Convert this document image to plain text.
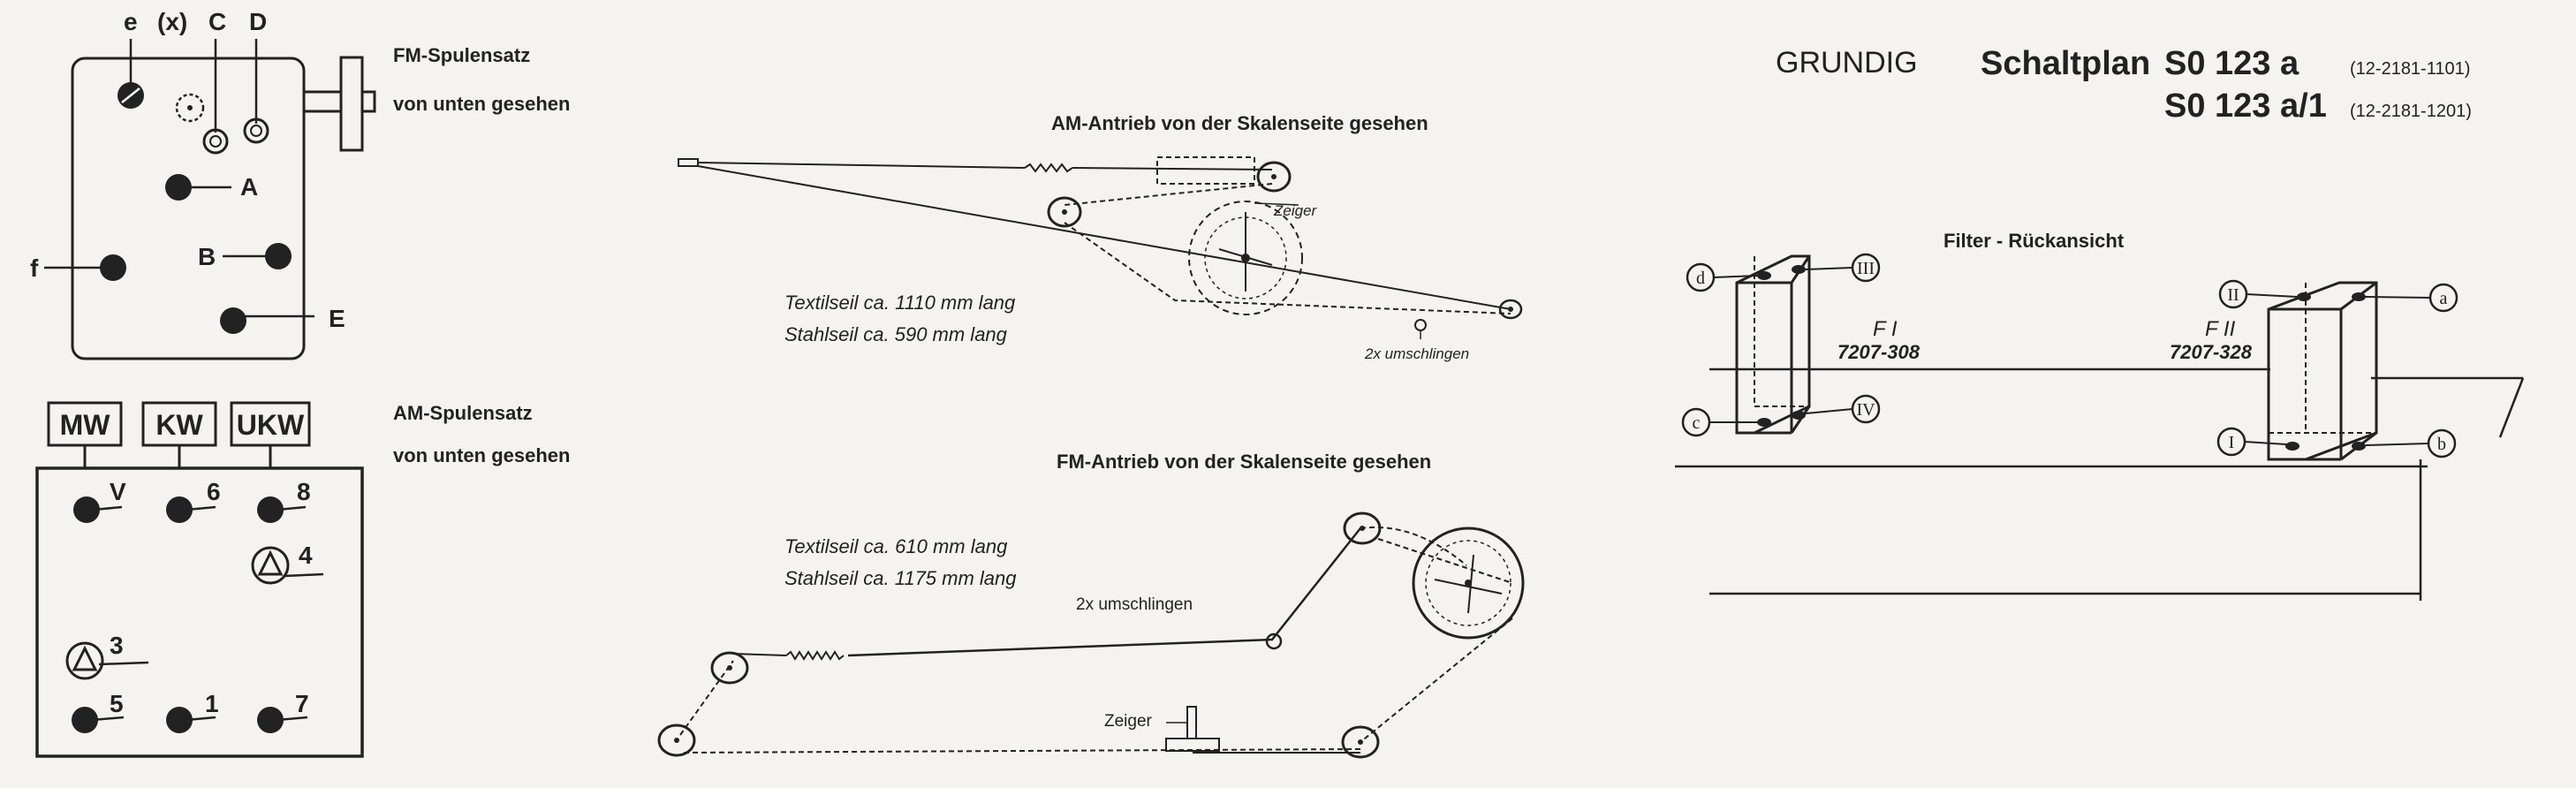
GRUNDIG Schaltplan S0 123 a	(12-2181-1101)
S0 123 a/1 (12-2181-1201)
FM-Spulensatz
von unten gesehen
e (x) C D
A
B
f
E
AM-Spulensatz
von unten gesehen
MW KW UKW
V	6	8
4
3
5	1	7
AM-Antrieb von der Skalenseite gesehen
Zeiger
2x umschlingen
Textilseil ca. 1110 mm lang
Stahlseil ca. 590 mm lang
FM-Antrieb von der Skalenseite gesehen
Textilseil ca. 610 mm lang
Stahlseil ca. 1175 mm lang
2x umschlingen
Zeiger
Filter - Rückansicht
d	III
c
IV
F I
7207-308
II	a
I	b
F II
7207-328
